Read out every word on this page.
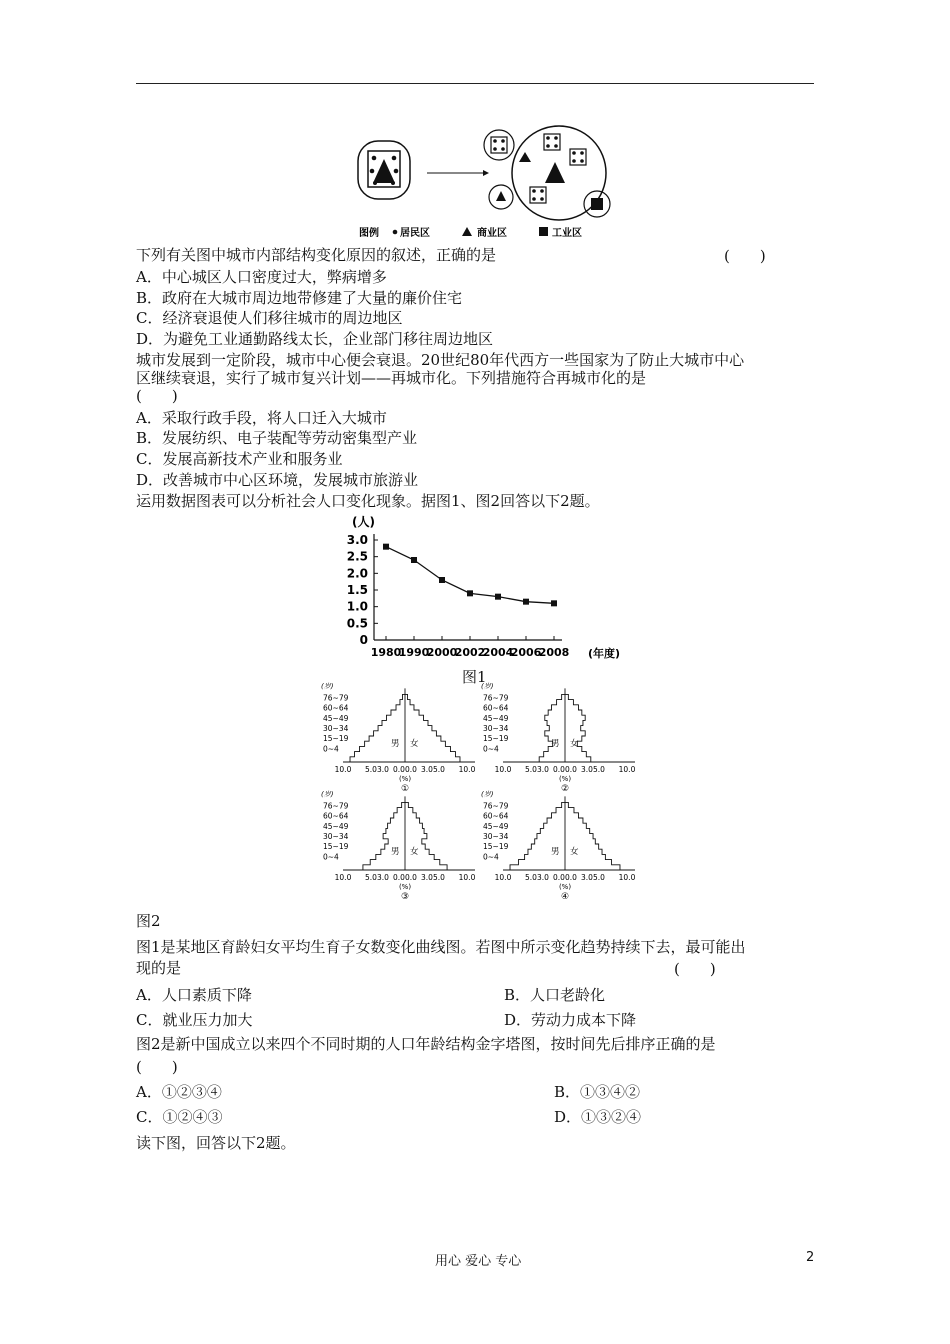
图例 居民区	商业区	工业区
下列有关图中城市内部结构变化原因的叙述，正确的是	(　　)
A．中心城区人口密度过大，弊病增多
B．政府在大城市周边地带修建了大量的廉价住宅
C．经济衰退使人们移往城市的周边地区
D．为避免工业通勤路线太长，企业部门移往周边地区
城市发展到一定阶段，城市中心便会衰退。20世纪80年代西方一些国家为了防止大城市中心
区继续衰退，实行了城市复兴计划——再城市化。下列措施符合再城市化的是
(　　)
A．采取行政手段，将人口迁入大城市
B．发展纺织、电子装配等劳动密集型产业
C．发展高新技术产业和服务业
D．改善城市中心区环境，发展城市旅游业
运用数据图表可以分析社会人口变化现象。据图1、图2回答以下2题。
(人)
3.0
2.5
2.0
1.5
1.0
0.5
0
1980
1990
2000
2002
2004
2006
2008 (年度)
图1
(岁)
76~79
60~64
45~49
30~34
15~19
0~4	男 女
10.0 5.0 3.0 0.0 0.0 3.0 5.0 10.0
(%)
①
(岁)
76~79
60~64
45~49
30~34
15~19
0~4	男 女
10.0 5.0 3.0 0.0 0.0 3.0 5.0 10.0
(%)
②
(岁)
76~79
60~64
45~49
30~34
15~19
0~4	男 女
10.0 5.0 3.0 0.0 0.0 3.0 5.0 10.0
(%)
③
(岁)
76~79
60~64
45~49
30~34
15~19
0~4	男 女
10.0 5.0 3.0 0.0 0.0 3.0 5.0 10.0
(%)
④
图2
图1是某地区育龄妇女平均生育子女数变化曲线图。若图中所示变化趋势持续下去，最可能出
现的是	(　　)
A．人口素质下降	B．人口老龄化
C．就业压力加大	D．劳动力成本下降
图2是新中国成立以来四个不同时期的人口年龄结构金字塔图，按时间先后排序正确的是
(　　)
A．①②③④	B．①③④②
C．①②④③	D．①③②④
读下图，回答以下2题。
用心 爱心 专心	2
